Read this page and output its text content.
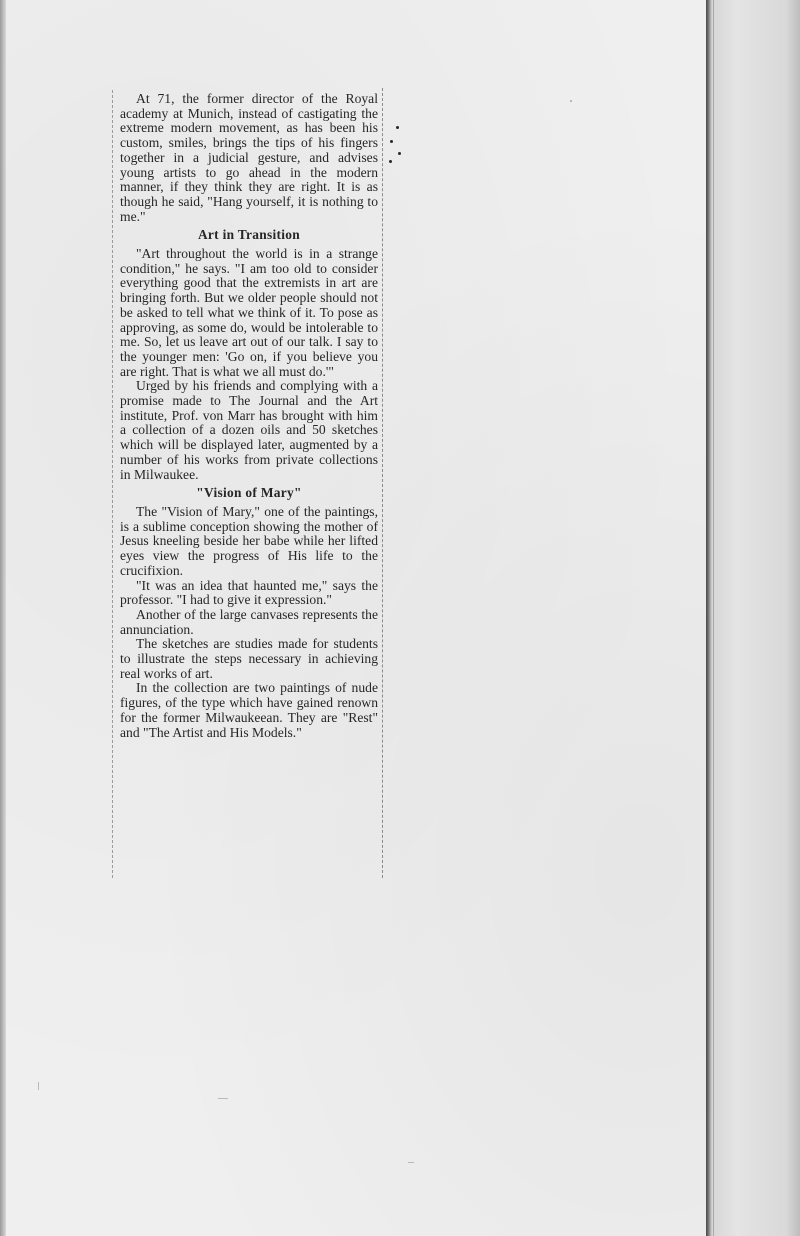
At 71, the former director of the Royal academy at Munich, instead of castigating the extreme modern movement, as has been his custom, smiles, brings the tips of his fingers together in a judicial gesture, and advises young artists to go ahead in the modern manner, if they think they are right. It is as though he said, "Hang yourself, it is nothing to me."

Art in Transition

"Art throughout the world is in a strange condition," he says. "I am too old to consider everything good that the extremists in art are bringing forth. But we older people should not be asked to tell what we think of it. To pose as approving, as some do, would be intolerable to me. So, let us leave art out of our talk. I say to the younger men: 'Go on, if you believe you are right. That is what we all must do.'"

Urged by his friends and complying with a promise made to The Journal and the Art institute, Prof. von Marr has brought with him a collection of a dozen oils and 50 sketches which will be displayed later, augmented by a number of his works from private collections in Milwaukee.

"Vision of Mary"

The "Vision of Mary," one of the paintings, is a sublime conception showing the mother of Jesus kneeling beside her babe while her lifted eyes view the progress of His life to the crucifixion.

"It was an idea that haunted me," says the professor. "I had to give it expression."

Another of the large canvases represents the annunciation.

The sketches are studies made for students to illustrate the steps necessary in achieving real works of art.

In the collection are two paintings of nude figures, of the type which have gained renown for the former Milwaukeean. They are "Rest" and "The Artist and His Models."
